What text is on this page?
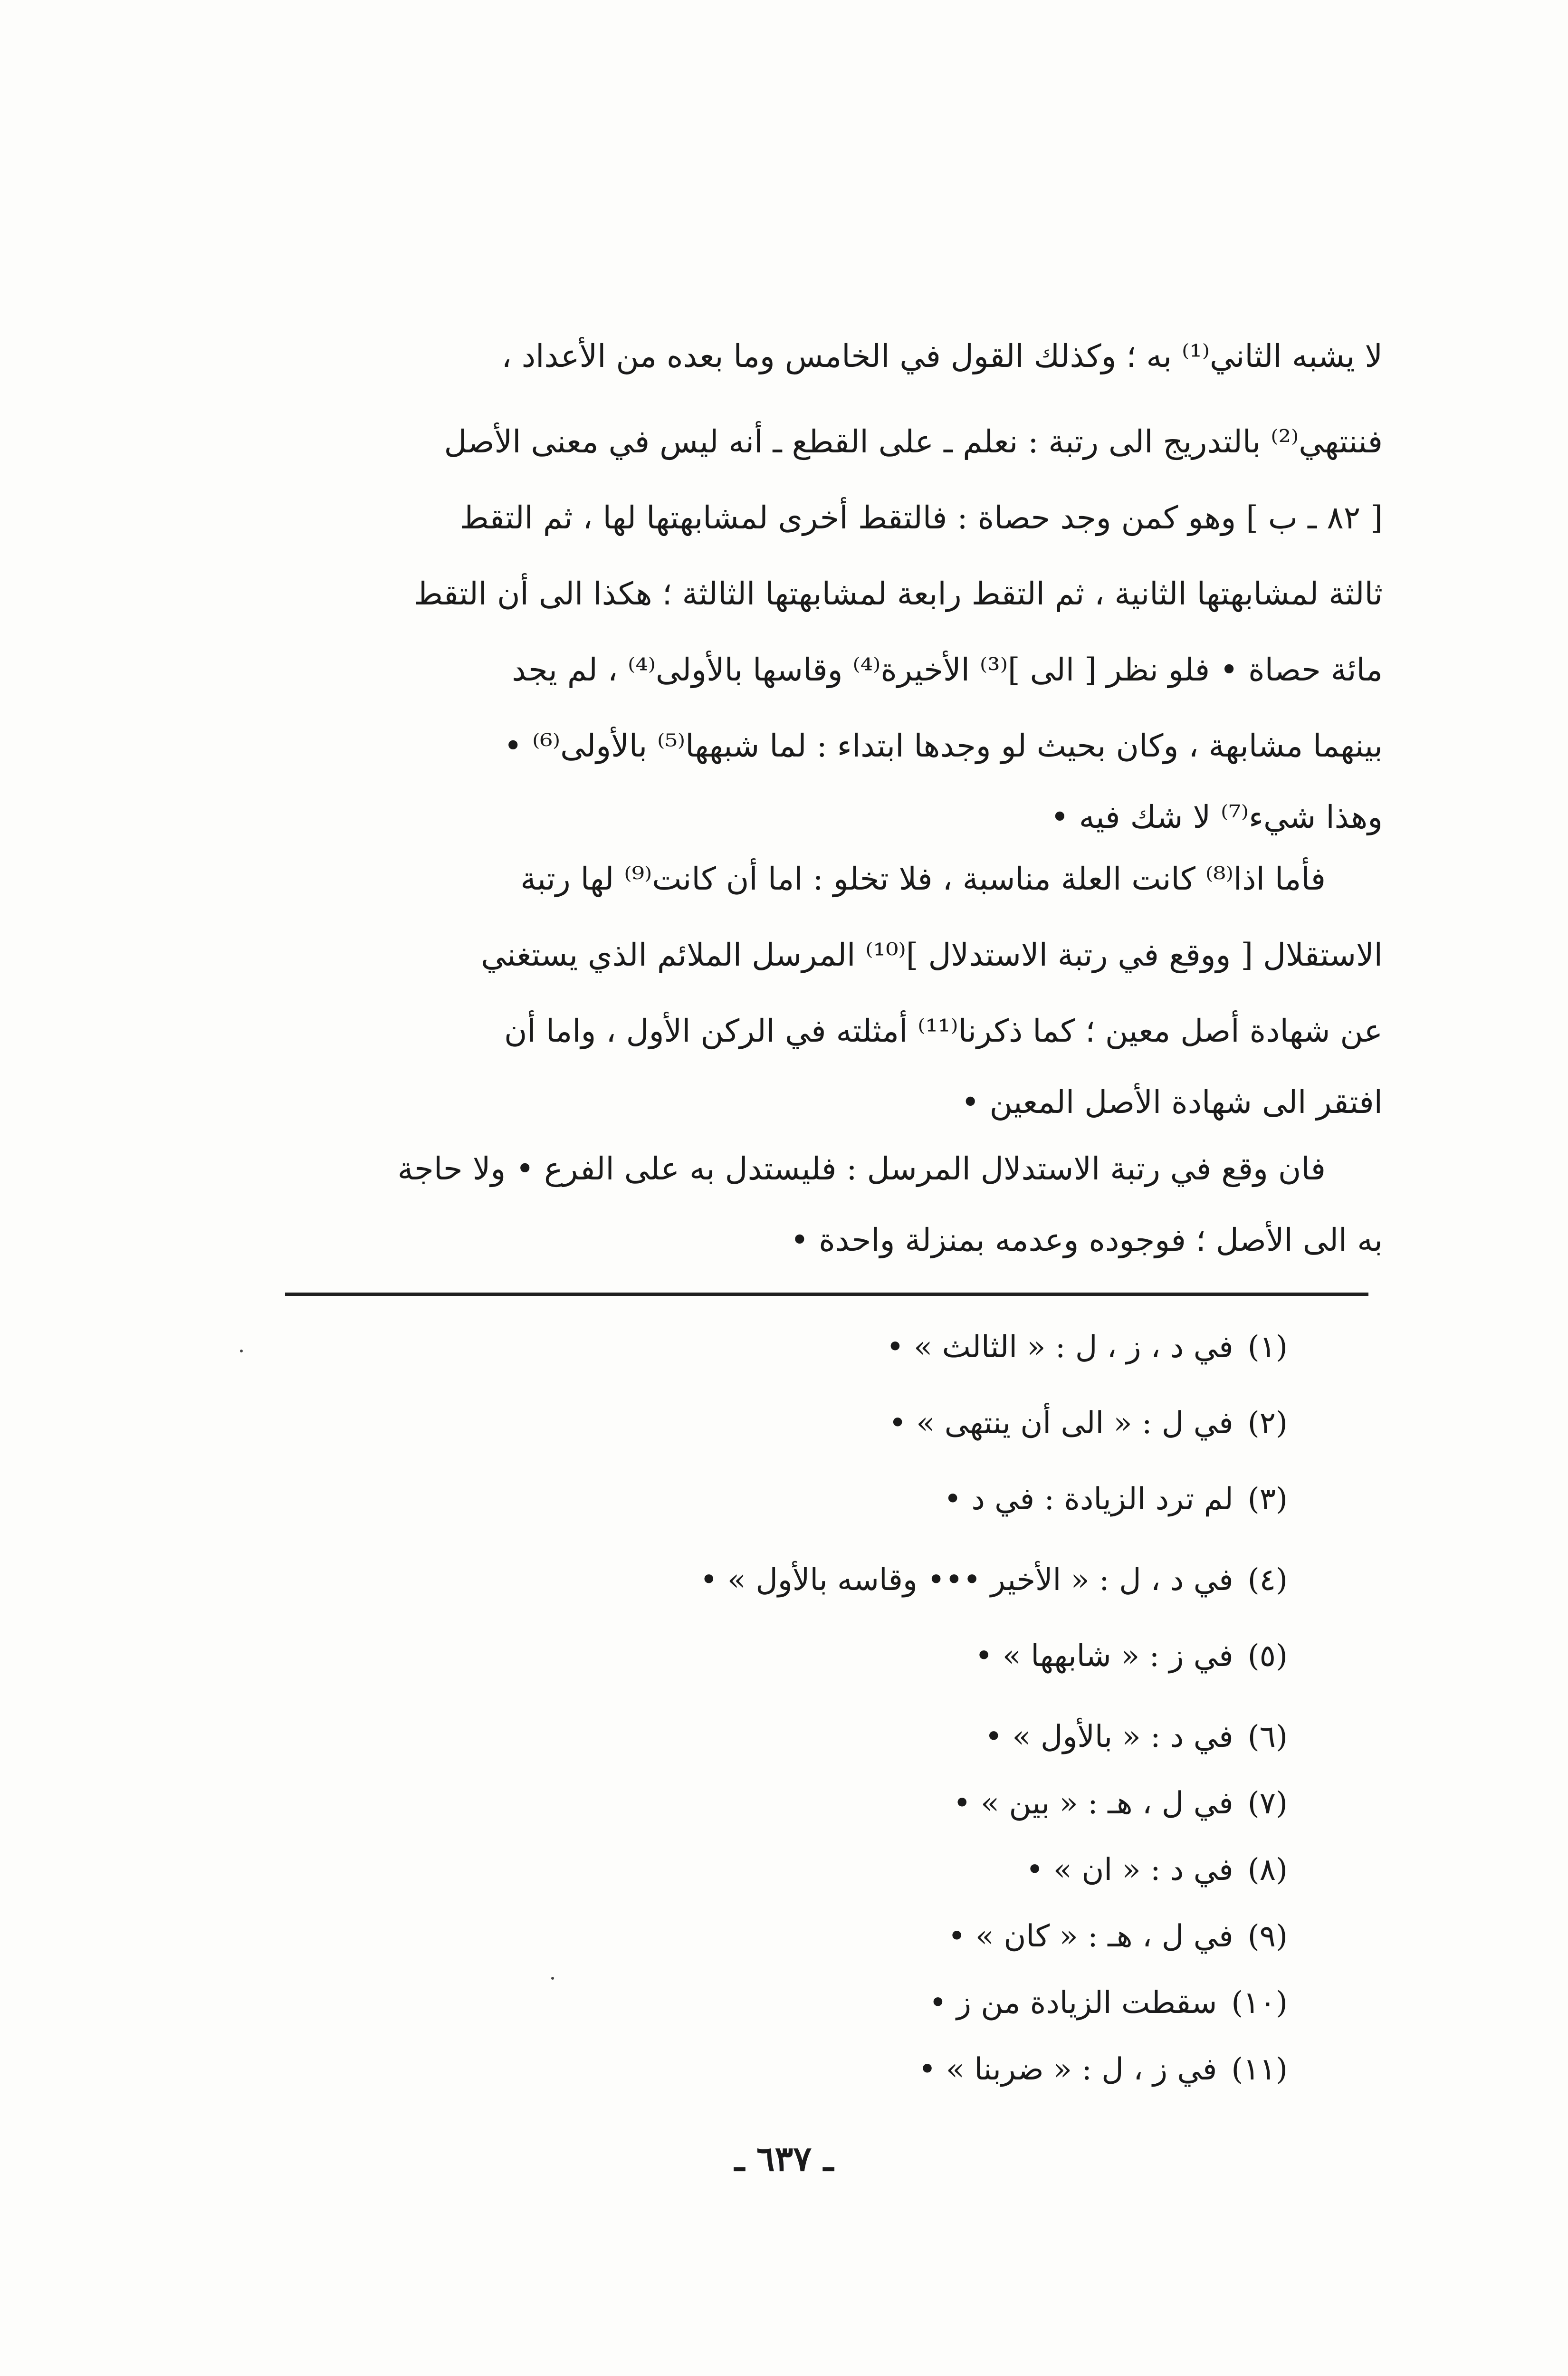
لا يشبه الثاني⁽¹⁾ به ؛ وكذلك القول في الخامس وما بعده من الأعداد ،
فننتهي⁽²⁾ بالتدريج الى رتبة : نعلم ـ على القطع ـ أنه ليس في معنى الأصل
[ ٨٢ ـ ب ] وهو كمن وجد حصاة : فالتقط أخرى لمشابهتها لها ، ثم التقط
ثالثة لمشابهتها الثانية ، ثم التقط رابعة لمشابهتها الثالثة ؛ هكذا الى أن التقط
مائة حصاة • فلو نظر [ الى ]⁽³⁾ الأخيرة⁽⁴⁾ وقاسها بالأولى⁽⁴⁾ ، لم يجد
بينهما مشابهة ، وكان بحيث لو وجدها ابتداء : لما شبهها⁽⁵⁾ بالأولى⁽⁶⁾ •
وهذا شيء⁽⁷⁾ لا شك فيه •
فأما اذا⁽⁸⁾ كانت العلة مناسبة ، فلا تخلو : اما أن كانت⁽⁹⁾ لها رتبة
الاستقلال [ ووقع في رتبة الاستدلال ]⁽¹⁰⁾ المرسل الملائم الذي يستغني
عن شهادة أصل معين ؛ كما ذكرنا⁽¹¹⁾ أمثلته في الركن الأول ، واما أن
افتقر الى شهادة الأصل المعين •
فان وقع في رتبة الاستدلال المرسل : فليستدل به على الفرع • ولا حاجة
به الى الأصل ؛ فوجوده وعدمه بمنزلة واحدة •
(١)في د ، ز ، ل : « الثالث » •
(٢)في ل : « الى أن ينتهى » •
(٣)لم ترد الزيادة : في د •
(٤)في د ، ل : « الأخير ••• وقاسه بالأول » •
(٥)في ز : « شابهها » •
(٦)في د : « بالأول » •
(٧)في ل ، هـ : « بين » •
(٨)في د : « ان » •
(٩)في ل ، هـ : « كان » •
(١٠)سقطت الزيادة من ز •
(١١)في ز ، ل : « ضربنا » •
ـ ٦٣٧ ـ
